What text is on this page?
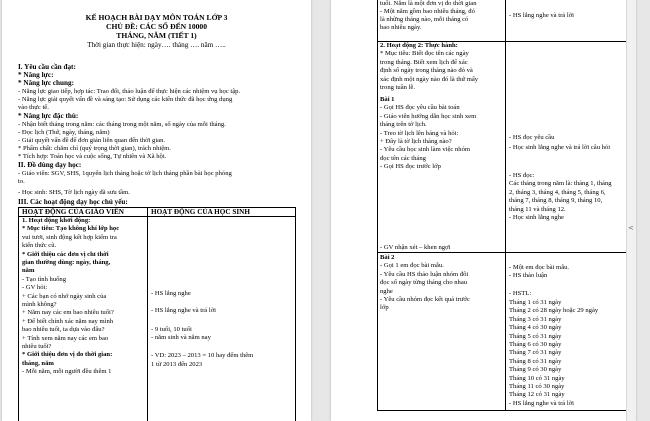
KẾ HOẠCH BÀI DẠY MÔN TOÁN LỚP 3
CHỦ ĐỀ: CÁC SỐ ĐẾN 10000
THÁNG, NĂM (TIẾT 1)
Thời gian thực hiện: ngày…. tháng …. năm …..
I. Yêu cầu cần đạt:
* Năng lực:
* Năng lực chung:
- Năng lực giao tiếp, hợp tác: Trao đổi, thảo luận để thực hiện các nhiệm vụ học tập.
- Năng lực giải quyết vấn đề và sáng tạo: Sử dụng các kiến thức đã học ứng dụng
vào thực tế.
* Năng lực đặc thù:
- Nhận biết tháng trong năm: các tháng trong một năm, số ngày của mỗi tháng.
- Đọc lịch (Thứ, ngày, tháng, năm)
- Giải quyết vấn đề để đơn giản liên quan đến thời gian.
* Phẩm chất: chăm chỉ (quý trọng thời gian), trách nhiệm.
* Tích hợp: Toán học và cuộc sống, Tự nhiên và Xã hội.
II. Đồ dùng dạy học:
- Giáo viên: SGV, SHS, 1quyển lịch tháng hoặc tờ lịch tháng phần bài học phóng
to.
- Học sinh: SHS, Tờ lịch ngày đã sưu tầm.
III. Các hoạt động dạy học chủ yếu:
HOẠT ĐỘNG CỦA GIÁO VIÊN	HOẠT ĐỘNG CỦA HỌC SINH
1. Hoạt động khởi động:
* Mục tiêu: Tạo không khí lớp học
vui tươi, sinh động kết hợp kiểm tra
kiến thức cũ.
* Giới thiệu các đơn vị chỉ thời
gian thường dùng: ngày, tháng,
năm
- Tạo tình huống
- GV hỏi:
+ Các bạn có nhớ ngày sinh của
mình không?
+ Năm nay các em bao nhiêu tuổi?
+ Để biết chính xác năm nay mình
bao nhiêu tuổi, ta dựa vào đâu?
+ Tính xem năm nay các em bao
nhiêu tuổi?
* Giới thiệu đơn vị đo thời gian:
tháng, năm
- Mỗi năm, mỗi người đều thêm 1
- HS lắng nghe
- HS lắng nghe và trả lời
- 9 tuổi, 10 tuổi
- năm sinh và năm nay
- VD: 2023 – 2013 = 10 hay đếm thêm
1 từ 2013 đến 2023
tuổi. Năm là một đơn vị đo thời gian
- Một năm gồm bao nhiêu tháng, đó
là những tháng nào, mỗi tháng có
bao nhiêu ngày.
- HS lắng nghe và trả lời
2. Hoạt động 2: Thực hành:
* Mục tiêu: Biết đọc tên các ngày
trong tháng. Biết xem lịch để xác
định số ngày trong tháng nào đó và
xác định một ngày nào đó là thứ mấy
trong tuần lễ.
Bài 1
- Gọi HS đọc yêu cầu bài toán
- Giáo viên hướng dẫn học sinh xem
tháng trên tờ lịch.
- Treo tờ lịch lên bảng và hỏi:
+ Đây là tờ lịch tháng nào?
- Yêu cầu học sinh làm việc nhóm
đọc tên các tháng
- Gọi HS đọc trước lớp
Bài 2
- Gọi 1 em đọc bài mẫu.
- Yêu cầu HS thảo luận nhóm đôi
đọc số ngày từng tháng cho nhau
nghe
- Yêu cầu nhóm đọc kết quả trước
lớp
- GV nhận xét – khen ngợi
- HS đọc yêu cầu
- Học sinh lắng nghe và trả lời câu hỏi
- HS đọc:
Các tháng trong năm là: tháng 1, tháng
2, tháng 3, tháng 4, tháng 5, tháng 6,
tháng 7, tháng 8, tháng 9, tháng 10,
tháng 11 và tháng 12.
- Học sinh lắng nghe
- Một em đọc bài mẫu.
- HS thảo luận
- HSTL:
Tháng 1 có 31 ngày
Tháng 2 có 28 ngày hoặc 29 ngày
Tháng 3 có 31 ngày
Tháng 4 có 30 ngày
Tháng 5 có 31 ngày
Tháng 6 có 30 ngày
Tháng 7 có 31 ngày
Tháng 8 có 31 ngày
Tháng 9 có 30 ngày
Tháng 10 có 31 ngày
Tháng 11 có 30 ngày
Tháng 12 có 31 ngày
- HS lắng nghe và trả lời
<
